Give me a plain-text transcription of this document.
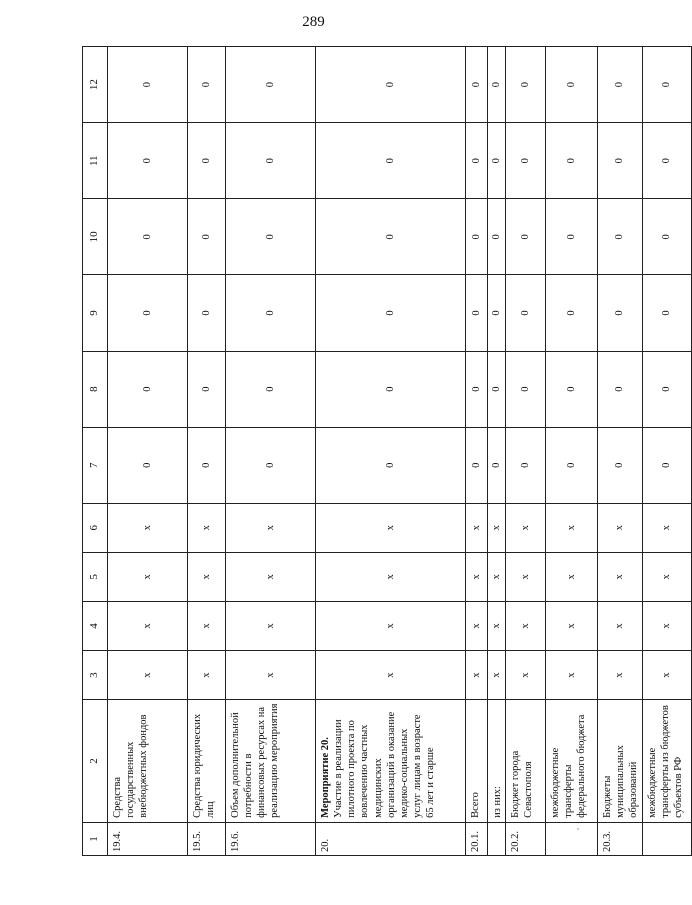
289
1	2	3	4	5	6	7	8	9	10	11	12
19.4.	Средства государственных внебюджетных фондов	х	х	х	х	0	0	0	0	0	0
19.5.	Средства юридических лиц	х	х	х	х	0	0	0	0	0	0
19.6.	Объем дополнительной потребности в финансовых ресурсах на реализацию мероприятия	х	х	х	х	0	0	0	0	0	0
20.	Мероприятие 20. Участие в реализации пилотного проекта по вовлечению частных медицинских организаций в оказание медико-социальных услуг лицам в возрасте 65 лет и старше	х	х	х	х	0	0	0	0	0	0
20.1.	Всего	х	х	х	х	0	0	0	0	0	0

	из них:	х	х	х	х	0	0	0	0	0	0
20.2.	Бюджет города Севастополя	х	х	х	х	0	0	0	0	0	0

	межбюджетные трансферты федерального бюджета	х	х	х	х	0	0	0	0	0	0
20.3.	Бюджеты муниципальных образований	х	х	х	х	0	0	0	0	0	0

	межбюджетные трансферты из бюджетов субъектов РФ	х	х	х	х	0	0	0	0	0	0
